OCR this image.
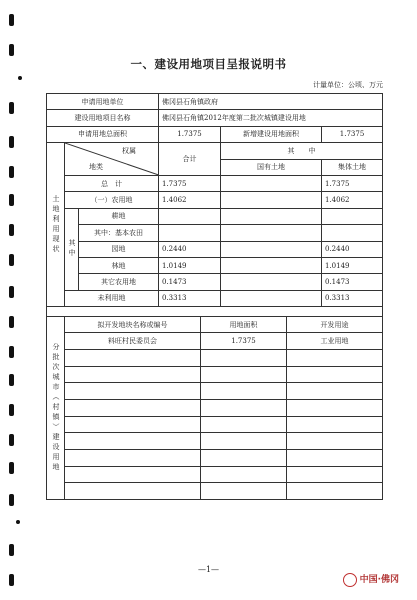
一、建设用地项目呈报说明书
计量单位：公顷、万元
申请用地单位			佛冈县石角镇政府				
建设用地项目名称			佛冈县石角镇2012年度第二批次城镇建设用地				
申请用地总面积			1.7375		新增建设用地面积		1.7375
土地利用现状	权属
地类		合计		其　　中		
					国有土地		集体土地
	总　计		1.7375				1.7375
	（一）农用地		1.4062				1.4062
	其中	耕地					
		其中：基本农田					
		园地	0.2440				0.2440
		林地	1.0149				1.0149
		其它农用地	0.1473				0.1473
	未利用地		0.3313				0.3313

分批次城市（村镇）建设用地	拟开发地块名称或编号			用地面积		开发用途	
	料旺村民委员会			1.7375		工业用地	

—1—
中国·佛冈
